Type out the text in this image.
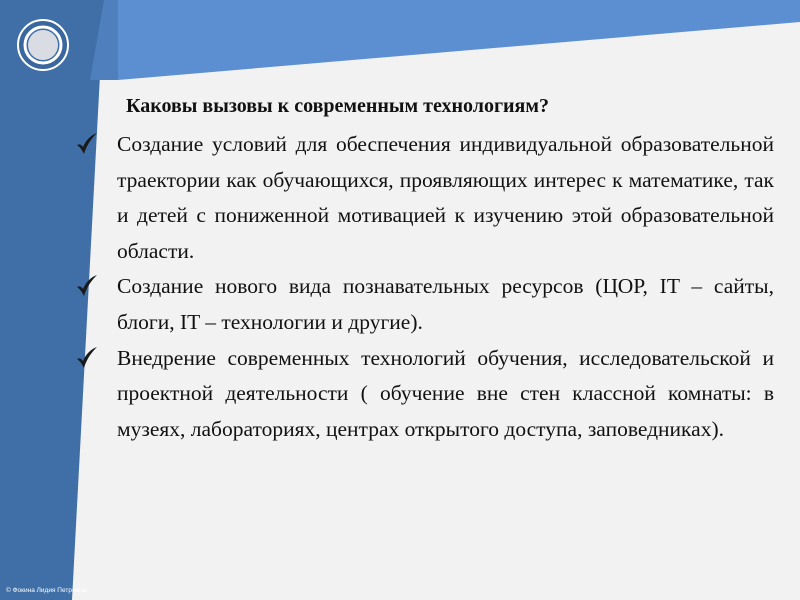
Каковы вызовы к современным технологиям?
Создание условий для обеспечения индивидуальной образовательной траектории как обучающихся, проявляющих интерес к математике, так и детей с пониженной мотивацией к изучению этой образовательной области.
Создание нового вида познавательных ресурсов (ЦОР, IT – сайты, блоги, IT – технологии и другие).
Внедрение современных технологий обучения, исследовательской и проектной деятельности ( обучение вне стен классной комнаты: в музеях, лабораториях, центрах открытого доступа, заповедниках).
© Фокина Лидия Петровна
